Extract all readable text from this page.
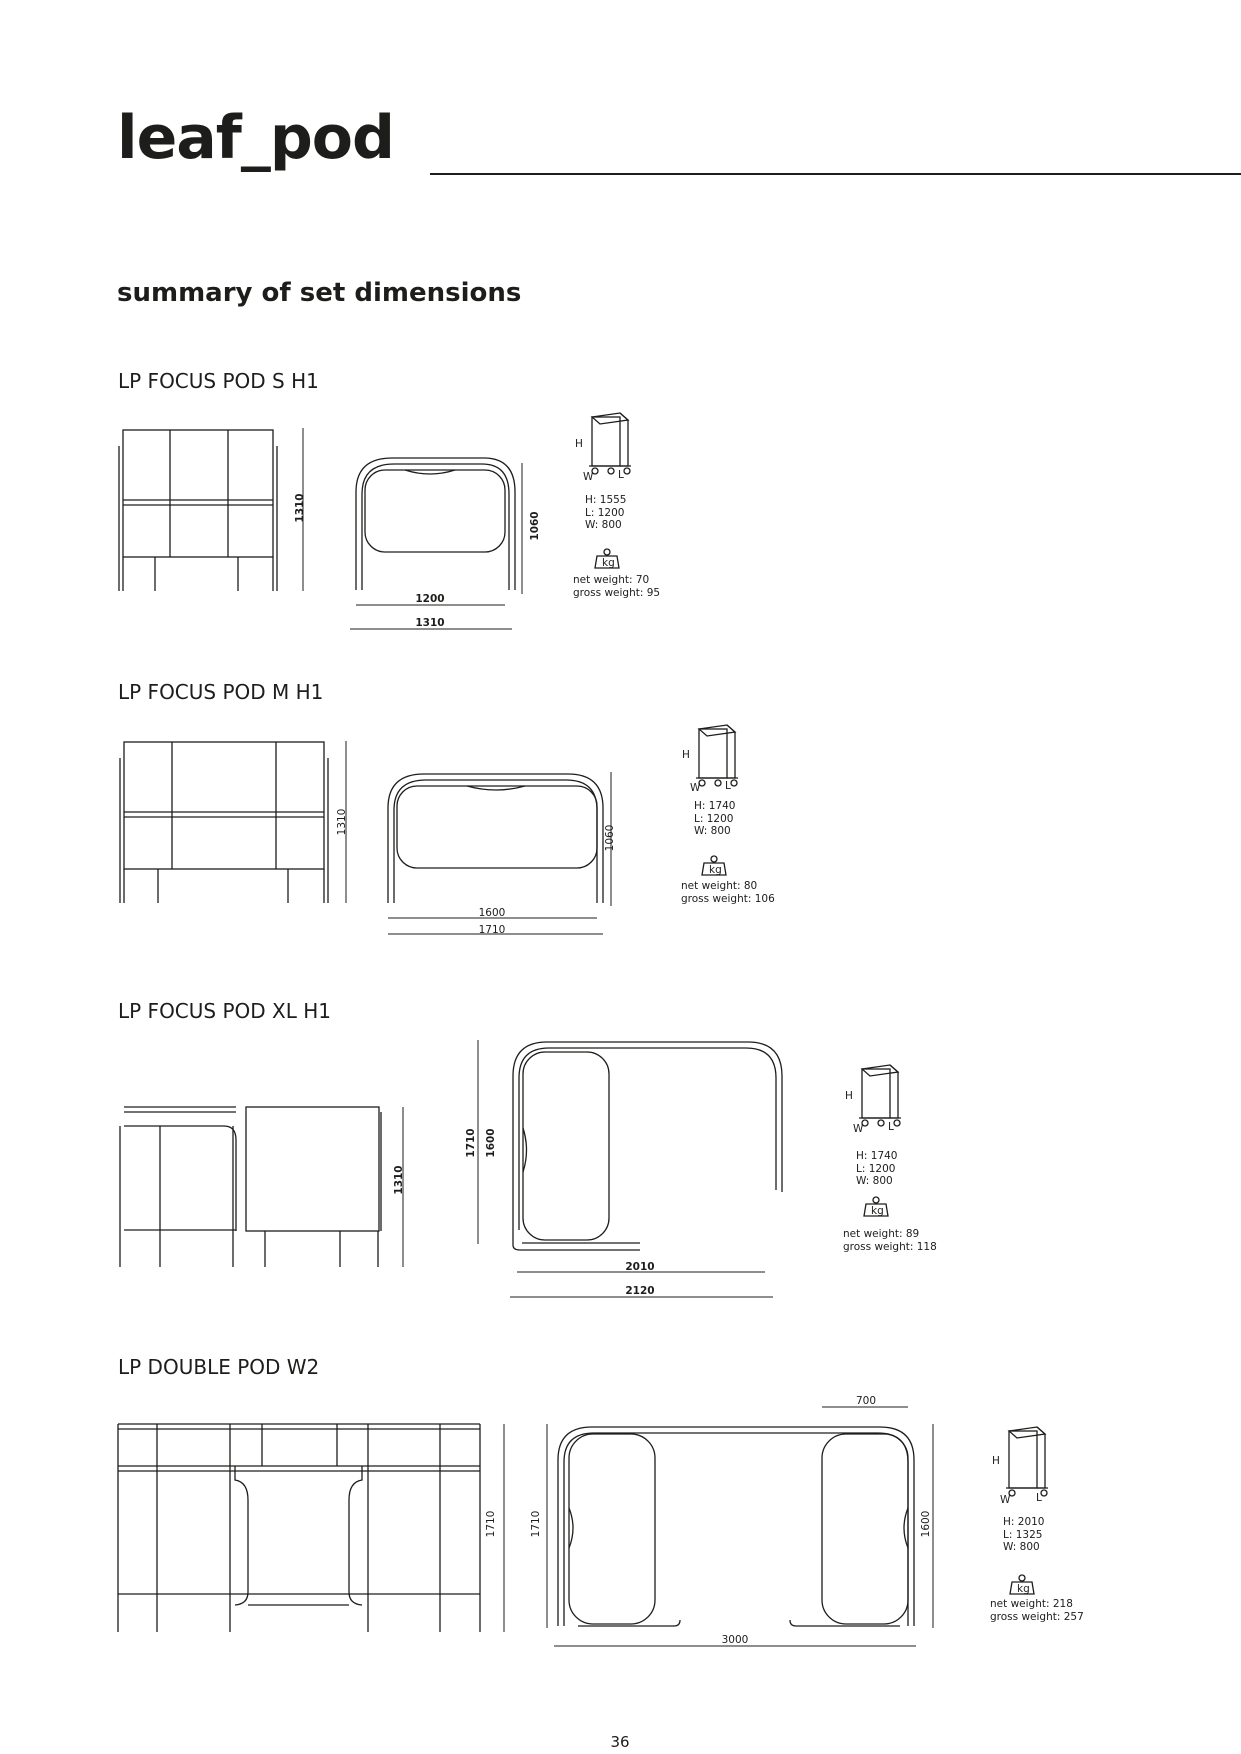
leaf_pod
summary of set dimensions
LP FOCUS POD S H1
1310
1060
1200
1310
H
W L
kg
H: 1555
L: 1200
W: 800
net weight: 70
gross weight: 95
LP FOCUS POD M H1
1310
1060
1600
1710
H
W L
kg
H: 1740
L: 1200
W: 800
net weight: 80
gross weight: 106
LP FOCUS POD XL H1
1310
1710 1600
2010
2120
H
W L
kg
H: 1740
L: 1200
W: 800
net weight: 89
gross weight: 118
LP DOUBLE POD W2
1710	1710	1600
700
3000
H
W L
kg
H: 2010
L: 1325
W: 800
net weight: 218
gross weight: 257
36
